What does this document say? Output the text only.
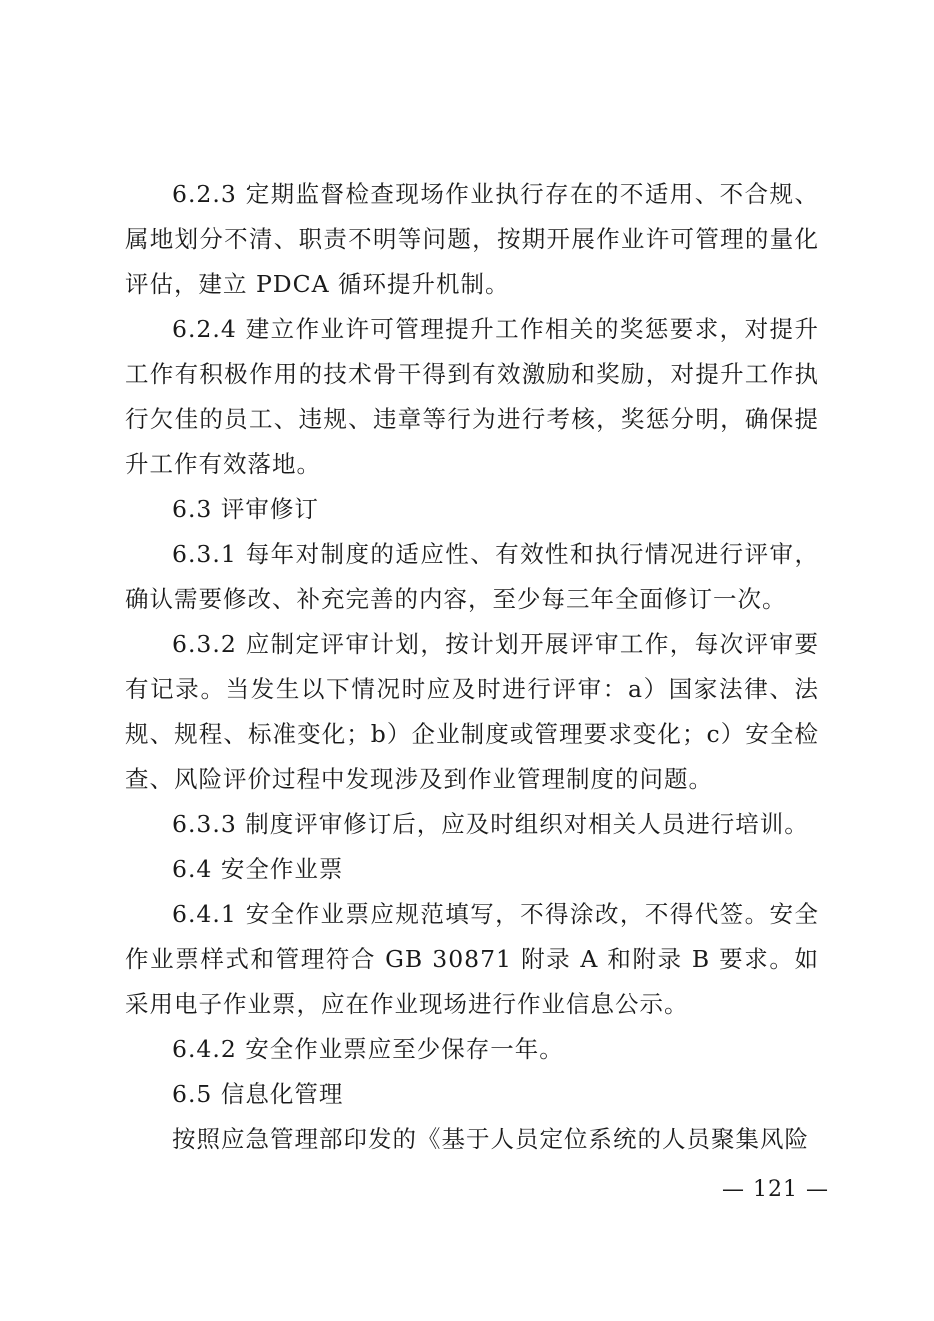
6.2.3 定期监督检查现场作业执行存在的不适用、不合规、属地划分不清、职责不明等问题，按期开展作业许可管理的量化评估，建立 PDCA 循环提升机制。

6.2.4 建立作业许可管理提升工作相关的奖惩要求，对提升工作有积极作用的技术骨干得到有效激励和奖励，对提升工作执行欠佳的员工、违规、违章等行为进行考核，奖惩分明，确保提升工作有效落地。

6.3 评审修订

6.3.1 每年对制度的适应性、有效性和执行情况进行评审，确认需要修改、补充完善的内容，至少每三年全面修订一次。

6.3.2 应制定评审计划，按计划开展评审工作，每次评审要有记录。当发生以下情况时应及时进行评审：a）国家法律、法规、规程、标准变化；b）企业制度或管理要求变化；c）安全检查、风险评价过程中发现涉及到作业管理制度的问题。

6.3.3 制度评审修订后，应及时组织对相关人员进行培训。

6.4 安全作业票

6.4.1 安全作业票应规范填写，不得涂改，不得代签。安全作业票样式和管理符合 GB 30871 附录 A 和附录 B 要求。如采用电子作业票，应在作业现场进行作业信息公示。

6.4.2 安全作业票应至少保存一年。

6.5 信息化管理

按照应急管理部印发的《基于人员定位系统的人员聚集风险

— 121 —
